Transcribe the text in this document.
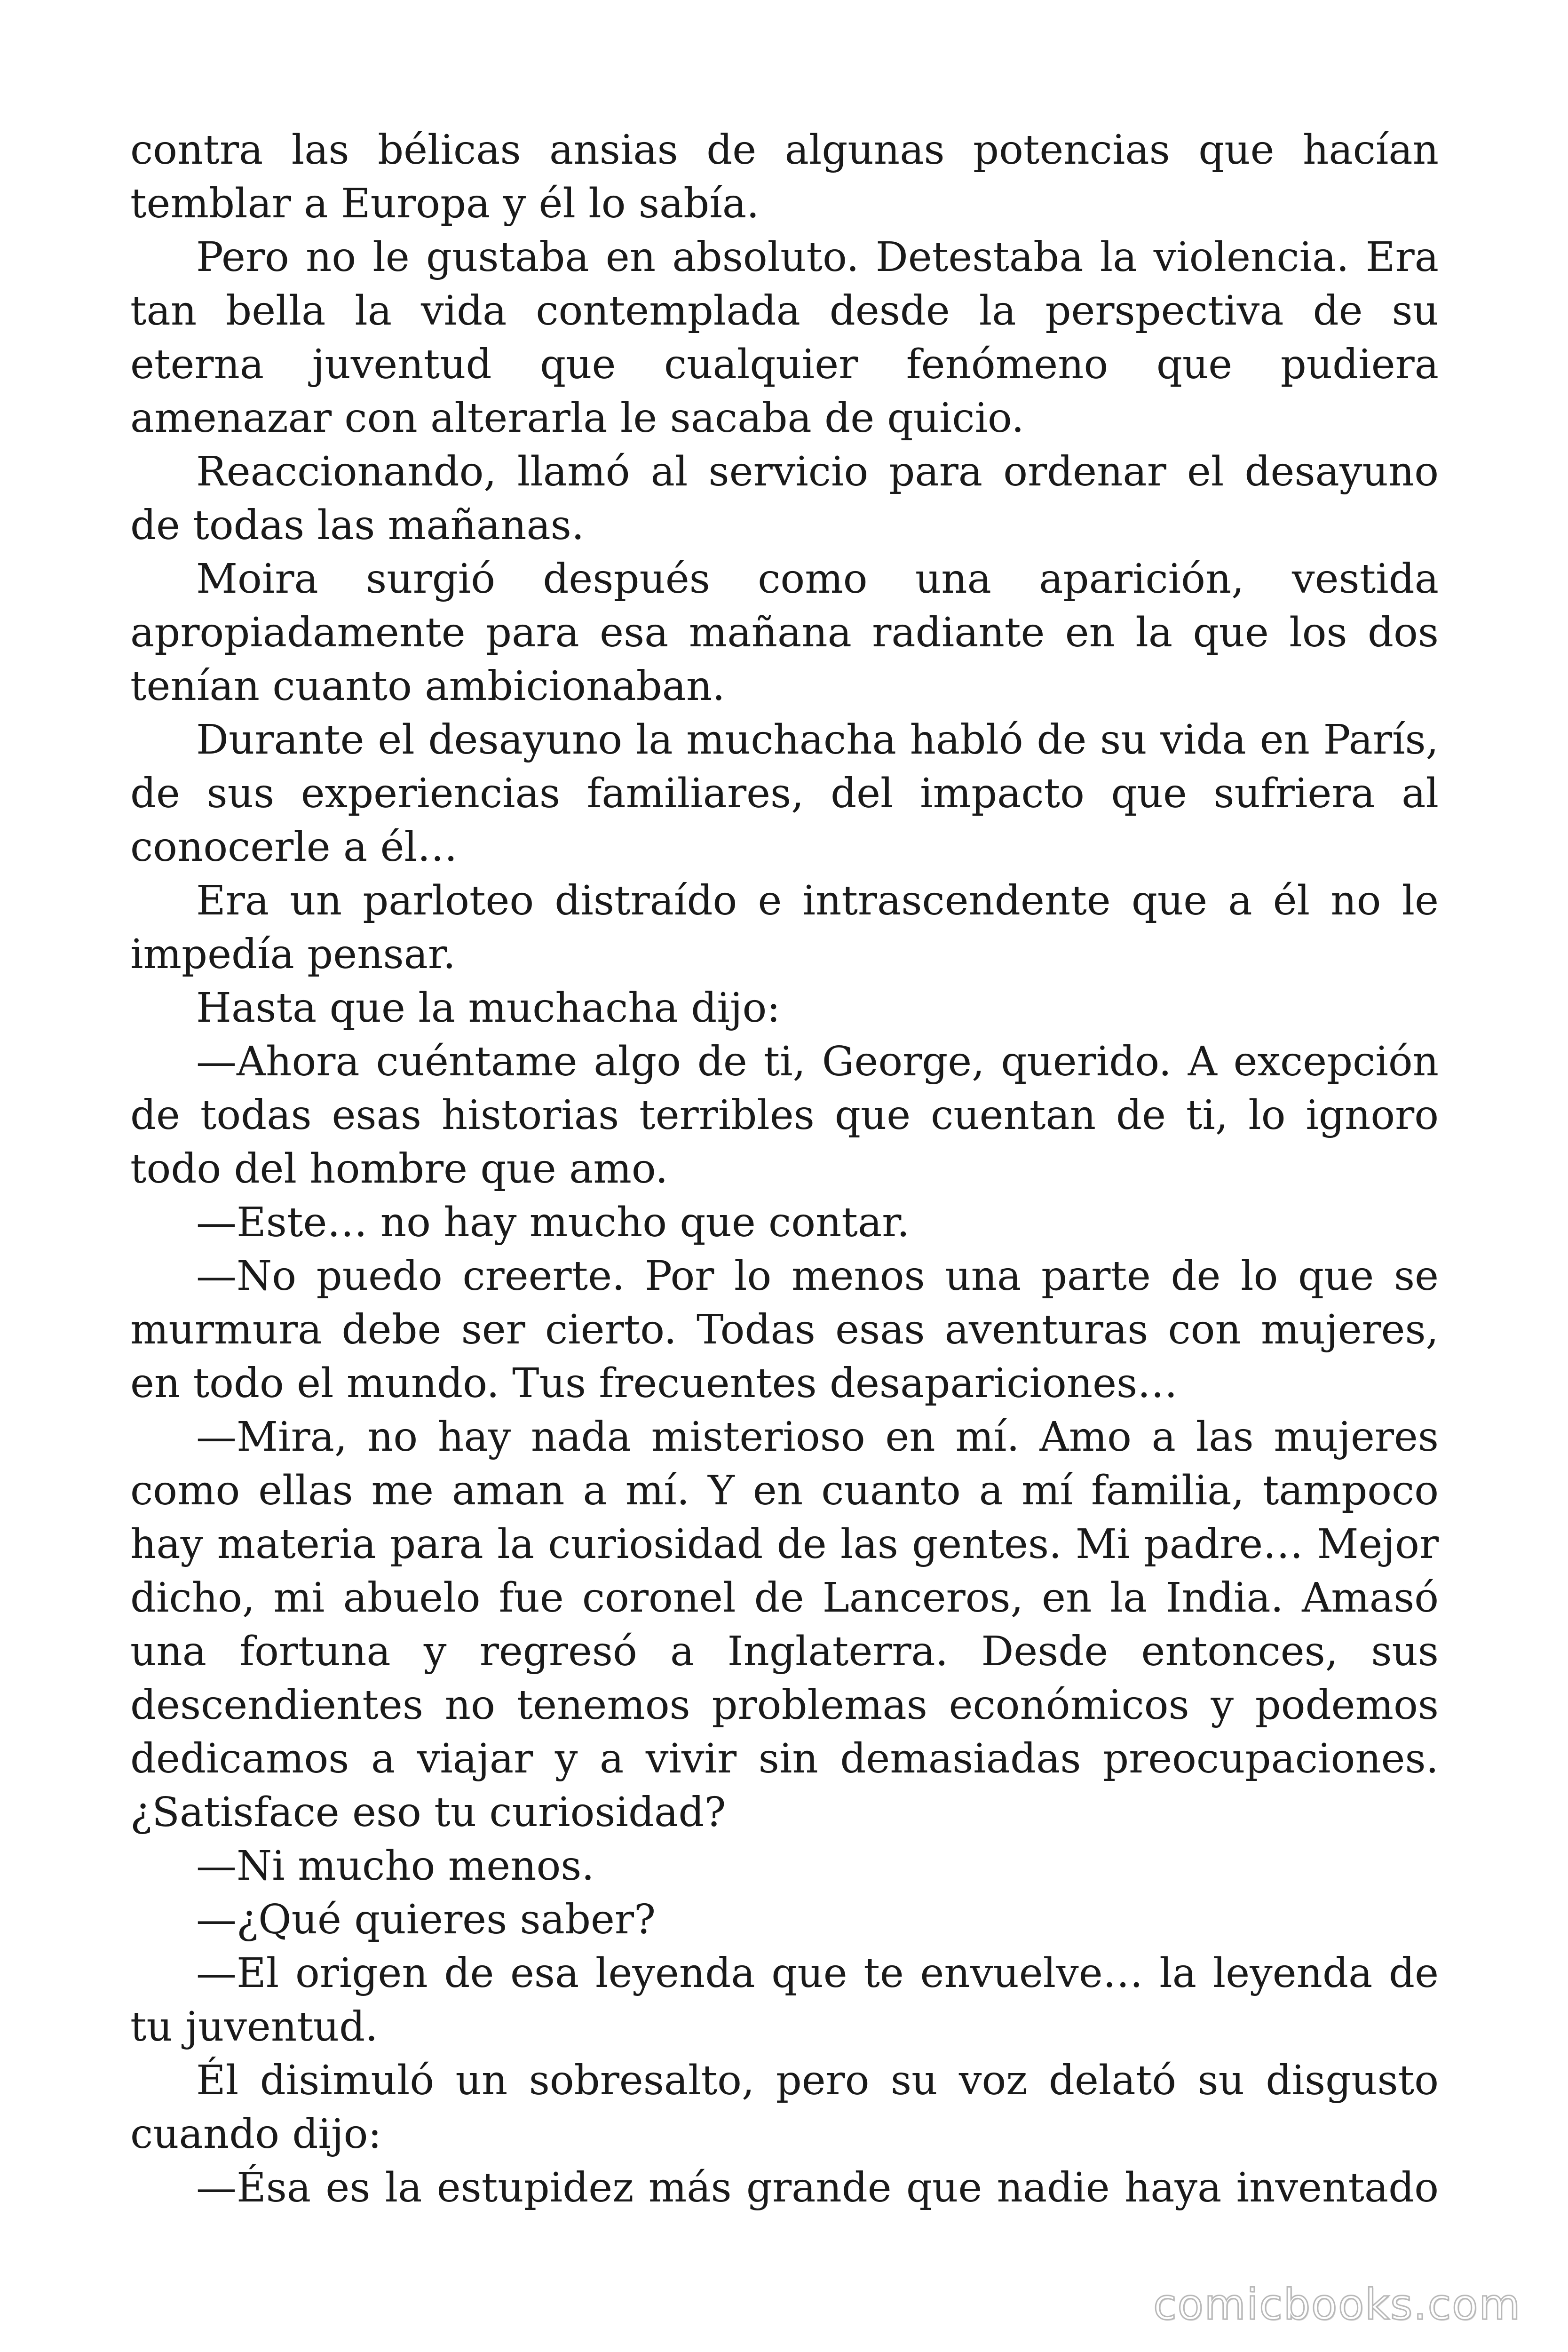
contra las bélicas ansias de algunas potencias que hacían temblar a Europa y él lo sabía.

Pero no le gustaba en absoluto. Detestaba la violencia. Era tan bella la vida contemplada desde la perspectiva de su eterna juventud que cualquier fenómeno que pudiera amenazar con alterarla le sacaba de quicio.

Reaccionando, llamó al servicio para ordenar el desayuno de todas las mañanas.

Moira surgió después como una aparición, vestida apropiadamente para esa mañana radiante en la que los dos tenían cuanto ambicionaban.

Durante el desayuno la muchacha habló de su vida en París, de sus experiencias familiares, del impacto que sufriera al conocerle a él…

Era un parloteo distraído e intrascendente que a él no le impedía pensar.

Hasta que la muchacha dijo:

—Ahora cuéntame algo de ti, George, querido. A excepción de todas esas historias terribles que cuentan de ti, lo ignoro todo del hombre que amo.

—Este… no hay mucho que contar.

—No puedo creerte. Por lo menos una parte de lo que se murmura debe ser cierto. Todas esas aventuras con mujeres, en todo el mundo. Tus frecuentes desapariciones…

—Mira, no hay nada misterioso en mí. Amo a las mujeres como ellas me aman a mí. Y en cuanto a mí familia, tampoco hay materia para la curiosidad de las gentes. Mi padre… Mejor dicho, mi abuelo fue coronel de Lanceros, en la India. Amasó una fortuna y regresó a Inglaterra. Desde entonces, sus descendientes no tenemos problemas económicos y podemos dedicamos a viajar y a vivir sin demasiadas preocupaciones. ¿Satisface eso tu curiosidad?

—Ni mucho menos.

—¿Qué quieres saber?

—El origen de esa leyenda que te envuelve… la leyenda de tu juventud.

Él disimuló un sobresalto, pero su voz delató su disgusto cuando dijo:

—Ésa es la estupidez más grande que nadie haya inventado

comicbooks.com
